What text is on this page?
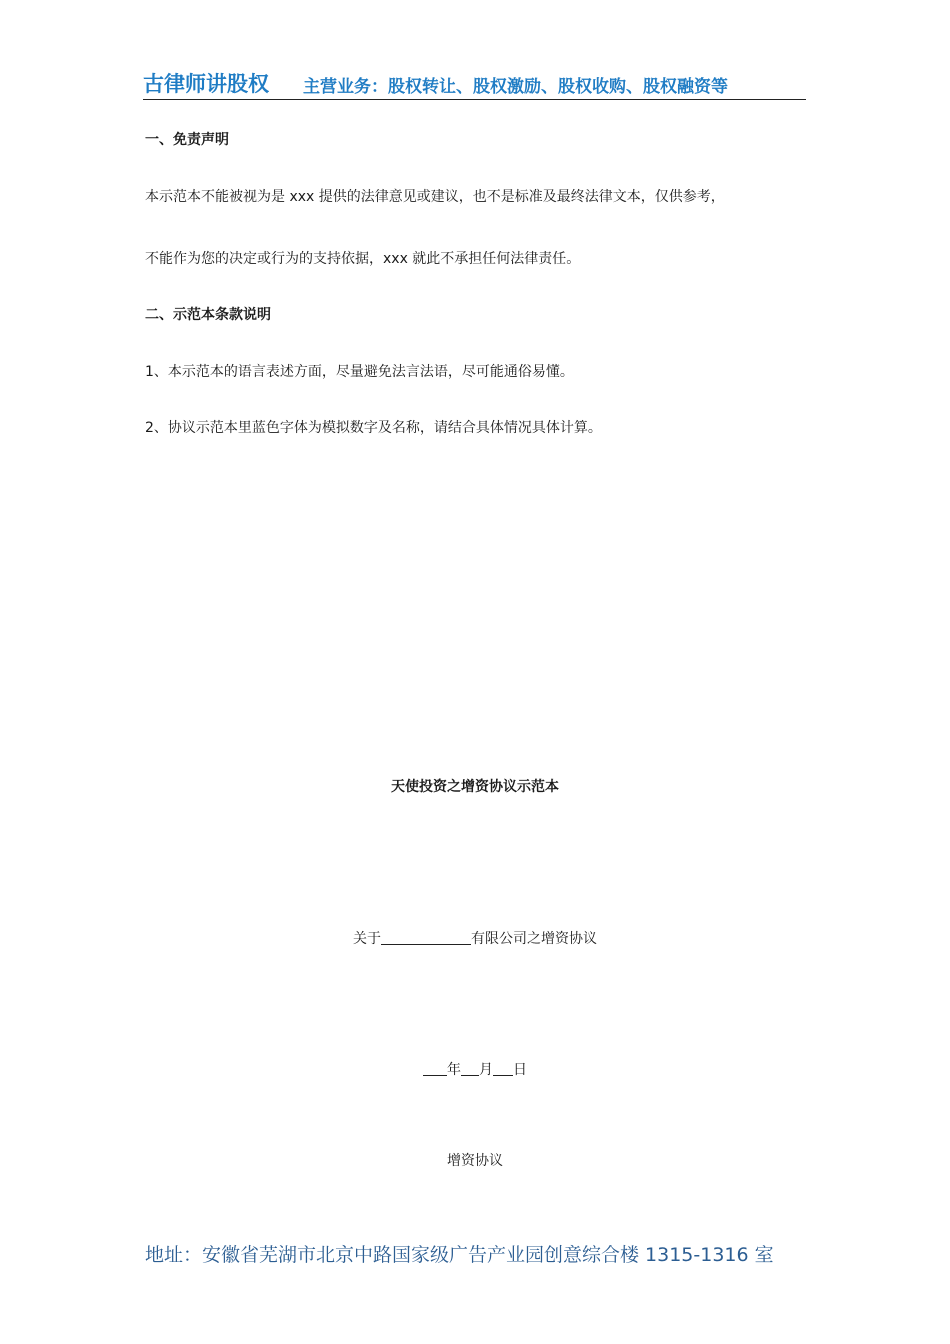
古律师讲股权 主营业务：股权转让、股权激励、股权收购、股权融资等
一、免责声明
本示范本不能被视为是 xxx 提供的法律意见或建议，也不是标准及最终法律文本，仅供参考，
不能作为您的决定或行为的支持依据，xxx 就此不承担任何法律责任。
二、示范本条款说明
1、本示范本的语言表述方面，尽量避免法言法语，尽可能通俗易懂。
2、协议示范本里蓝色字体为模拟数字及名称，请结合具体情况具体计算。
天使投资之增资协议示范本
关于	有限公司之增资协议
年 月 日
增资协议
地址：安徽省芜湖市北京中路国家级广告产业园创意综合楼 1315-1316 室
